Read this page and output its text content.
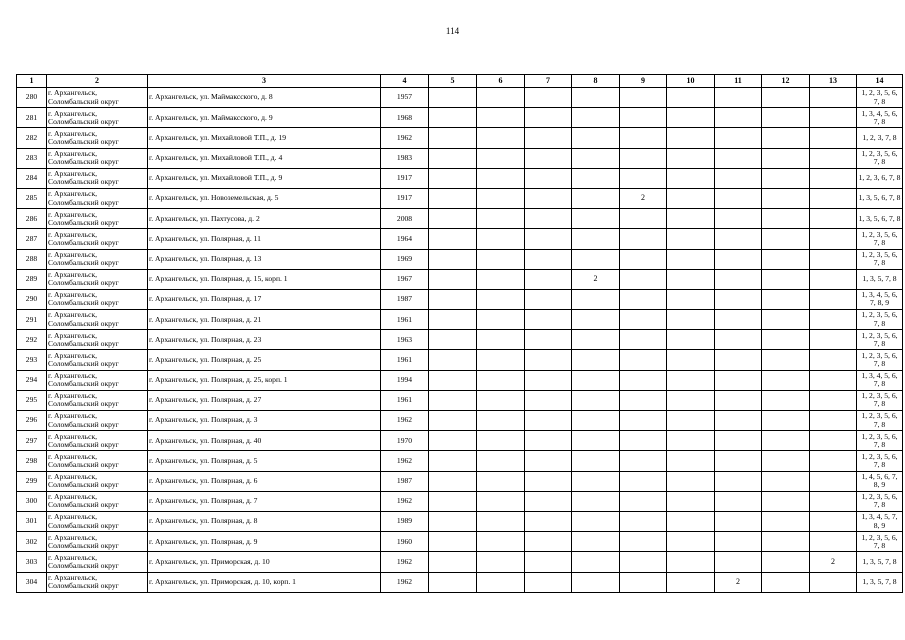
114
1	2	3	4	5	6	7	8	9	10	11	12	13	14
280	г. Архангельск, Соломбальский округ	г. Архангельск, ул. Маймаксского, д. 8	1957										1, 2, 3, 5, 6, 7, 8
281	г. Архангельск, Соломбальский округ	г. Архангельск, ул. Маймаксского, д. 9	1968										1, 3, 4, 5, 6, 7, 8
282	г. Архангельск, Соломбальский округ	г. Архангельск, ул. Михайловой Т.П., д. 19	1962										1, 2, 3, 7, 8
283	г. Архангельск, Соломбальский округ	г. Архангельск, ул. Михайловой Т.П., д. 4	1983										1, 2, 3, 5, 6, 7, 8
284	г. Архангельск, Соломбальский округ	г. Архангельск, ул. Михайловой Т.П., д. 9	1917										1, 2, 3, 6, 7, 8
285	г. Архангельск, Соломбальский округ	г. Архангельск, ул. Новоземельская, д. 5	1917					2					1, 3, 5, 6, 7, 8
286	г. Архангельск, Соломбальский округ	г. Архангельск, ул. Пахтусова, д. 2	2008										1, 3, 5, 6, 7, 8
287	г. Архангельск, Соломбальский округ	г. Архангельск, ул. Полярная, д. 11	1964										1, 2, 3, 5, 6, 7, 8
288	г. Архангельск, Соломбальский округ	г. Архангельск, ул. Полярная, д. 13	1969										1, 2, 3, 5, 6, 7, 8
289	г. Архангельск, Соломбальский округ	г. Архангельск, ул. Полярная, д. 15, корп. 1	1967				2						1, 3, 5, 7, 8
290	г. Архангельск, Соломбальский округ	г. Архангельск, ул. Полярная, д. 17	1987										1, 3, 4, 5, 6, 7, 8, 9
291	г. Архангельск, Соломбальский округ	г. Архангельск, ул. Полярная, д. 21	1961										1, 2, 3, 5, 6, 7, 8
292	г. Архангельск, Соломбальский округ	г. Архангельск, ул. Полярная, д. 23	1963										1, 2, 3, 5, 6, 7, 8
293	г. Архангельск, Соломбальский округ	г. Архангельск, ул. Полярная, д. 25	1961										1, 2, 3, 5, 6, 7, 8
294	г. Архангельск, Соломбальский округ	г. Архангельск, ул. Полярная, д. 25, корп. 1	1994										1, 3, 4, 5, 6, 7, 8
295	г. Архангельск, Соломбальский округ	г. Архангельск, ул. Полярная, д. 27	1961										1, 2, 3, 5, 6, 7, 8
296	г. Архангельск, Соломбальский округ	г. Архангельск, ул. Полярная, д. 3	1962										1, 2, 3, 5, 6, 7, 8
297	г. Архангельск, Соломбальский округ	г. Архангельск, ул. Полярная, д. 40	1970										1, 2, 3, 5, 6, 7, 8
298	г. Архангельск, Соломбальский округ	г. Архангельск, ул. Полярная, д. 5	1962										1, 2, 3, 5, 6, 7, 8
299	г. Архангельск, Соломбальский округ	г. Архангельск, ул. Полярная, д. 6	1987										1, 4, 5, 6, 7, 8, 9
300	г. Архангельск, Соломбальский округ	г. Архангельск, ул. Полярная, д. 7	1962										1, 2, 3, 5, 6, 7, 8
301	г. Архангельск, Соломбальский округ	г. Архангельск, ул. Полярная, д. 8	1989										1, 3, 4, 5, 7, 8, 9
302	г. Архангельск, Соломбальский округ	г. Архангельск, ул. Полярная, д. 9	1960										1, 2, 3, 5, 6, 7, 8
303	г. Архангельск, Соломбальский округ	г. Архангельск, ул. Приморская, д. 10	1962									2	1, 3, 5, 7, 8
304	г. Архангельск, Соломбальский округ	г. Архангельск, ул. Приморская, д. 10, корп. 1	1962							2			1, 3, 5, 7, 8
